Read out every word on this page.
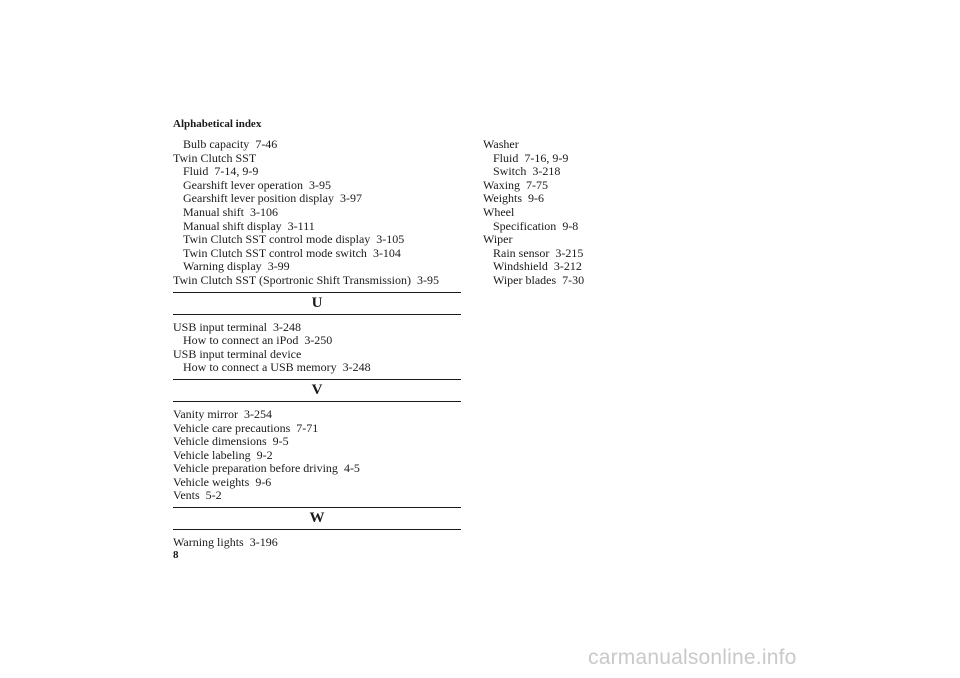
Alphabetical index
Bulb capacity 7-46
Twin Clutch SST
Fluid 7-14, 9-9
Gearshift lever operation 3-95
Gearshift lever position display 3-97
Manual shift 3-106
Manual shift display 3-111
Twin Clutch SST control mode display 3-105
Twin Clutch SST control mode switch 3-104
Warning display 3-99
Twin Clutch SST (Sportronic Shift Transmission) 3-95
U
USB input terminal 3-248
How to connect an iPod 3-250
USB input terminal device
How to connect a USB memory 3-248
V
Vanity mirror 3-254
Vehicle care precautions 7-71
Vehicle dimensions 9-5
Vehicle labeling 9-2
Vehicle preparation before driving 4-5
Vehicle weights 9-6
Vents 5-2
W
Warning lights 3-196
Washer
Fluid 7-16, 9-9
Switch 3-218
Waxing 7-75
Weights 9-6
Wheel
Specification 9-8
Wiper
Rain sensor 3-215
Windshield 3-212
Wiper blades 7-30
8
carmanualsonline.info
